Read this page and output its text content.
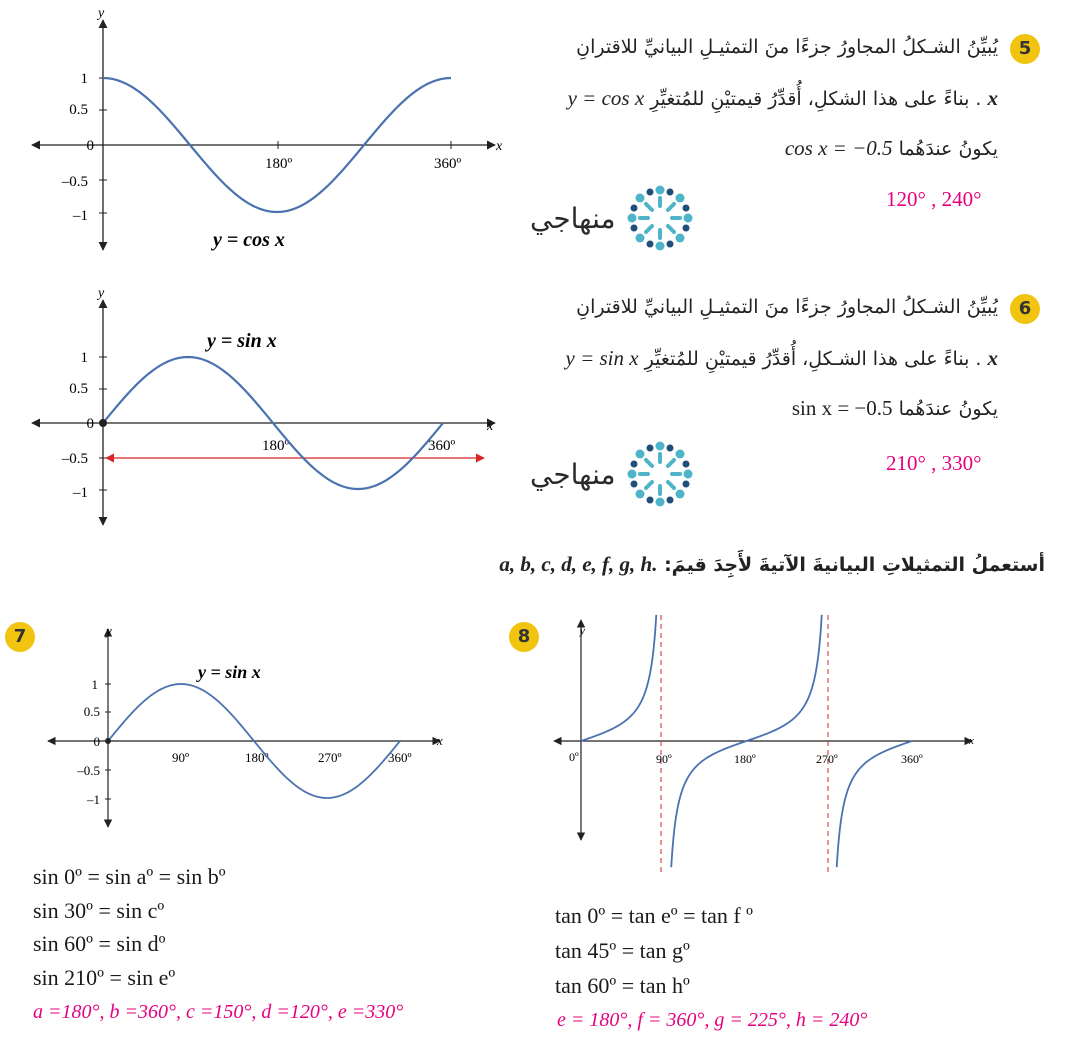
5
يُبيِّنُ الشـكلُ المجاورُ جزءًا منَ التمثيـلِ البيانيِّ للاقترانِ
x . بناءً على هذا الشكلِ، أُقدِّرُ قيمتيْنِ للمُتغيِّرِ y = cos x
يكونُ عندَهُما cos x = −0.5
120° , 240°
منهاجي
y
x
1
0.5
0
–0.5
–1
180º	360º
y = cos x
6
يُبيِّنُ الشـكلُ المجاورُ جزءًا منَ التمثيـلِ البيانيِّ للاقترانِ
x . بناءً على هذا الشـكلِ، أُقدِّرُ قيمتيْنِ للمُتغيِّرِ y = sin x
يكونُ عندَهُما sin x = −0.5
210° , 330°
منهاجي
y
x
1
0.5
0
–0.5
–1
180º	360º
y = sin x
أستعملُ التمثيلاتِ البيانيةَ الآتيةَ لأَجِدَ قيمَ: a, b, c, d, e, f, g, h.
7	y
x
1
0.5
0
–0.5
–1
90º	180º	270º	360º
y = sin x
sin 0º = sin aº = sin bº
sin 30º = sin cº
sin 60º = sin dº
sin 210º = sin eº
a =180°, b =360°, c =150°, d =120°, e =330°
8	y
x
0º	90º	180º	270º	360º
tan 0º = tan eº = tan f º
tan 45º = tan gº
tan 60º = tan hº
e = 180°, f = 360°, g = 225°, h = 240°
